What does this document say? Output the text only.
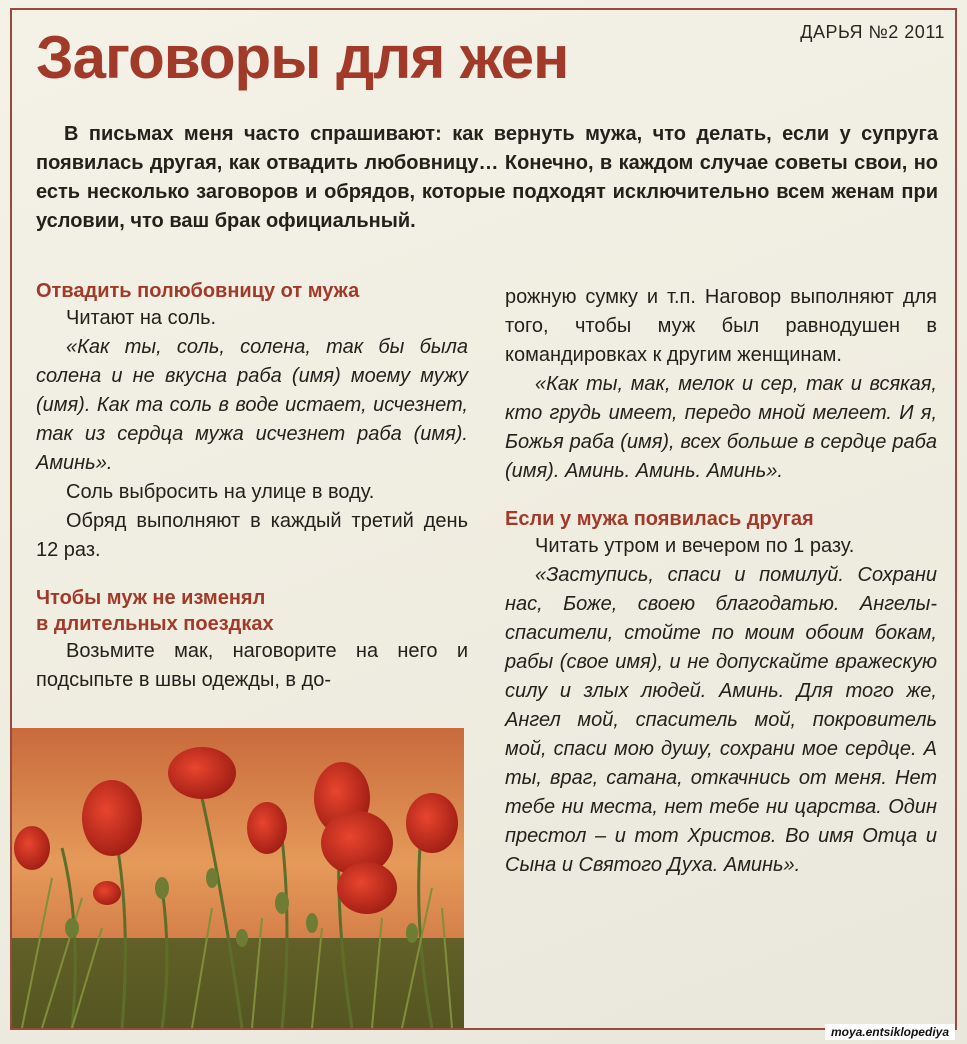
ДАРЬЯ №2 2011
Заговоры для жен

В письмах меня часто спрашивают: как вернуть мужа, что делать, если у супруга появилась другая, как отвадить любовницу… Конечно, в каждом случае советы свои, но есть несколько заговоров и обрядов, которые подходят исключительно всем женам при условии, что ваш брак официальный.

Отвадить полюбовницу от мужа

Читают на соль.

«Как ты, соль, солена, так бы была солена и не вкусна раба (имя) моему мужу (имя). Как та соль в воде истает, исчезнет, так из сердца мужа исчезнет раба (имя). Аминь».

Соль выбросить на улице в воду.

Обряд выполняют в каждый третий день 12 раз.

Чтобы муж не изменял

в длительных поездках

Возьмите мак, наговорите на него и подсыпьте в швы одежды, в до-

рожную сумку и т.п. Наговор выполняют для того, чтобы муж был равнодушен в командировках к другим женщинам.

«Как ты, мак, мелок и сер, так и всякая, кто грудь имеет, передо мной мелеет. И я, Божья раба (имя), всех больше в сердце раба (имя). Аминь. Аминь. Аминь».

Если у мужа появилась другая

Читать утром и вечером по 1 разу.

«Заступись, спаси и помилуй. Сохрани нас, Боже, своею благодатью. Ангелы-спасители, стойте по моим обоим бокам, рабы (свое имя), и не допускайте вражескую силу и злых людей. Аминь. Для того же, Ангел мой, спаситель мой, покровитель мой, спаси мою душу, сохрани мое сердце. А ты, враг, сатана, откачнись от меня. Нет тебе ни места, нет тебе ни царства. Один престол – и тот Христов. Во имя Отца и Сына и Святого Духа. Аминь».

moya.entsiklopediya
